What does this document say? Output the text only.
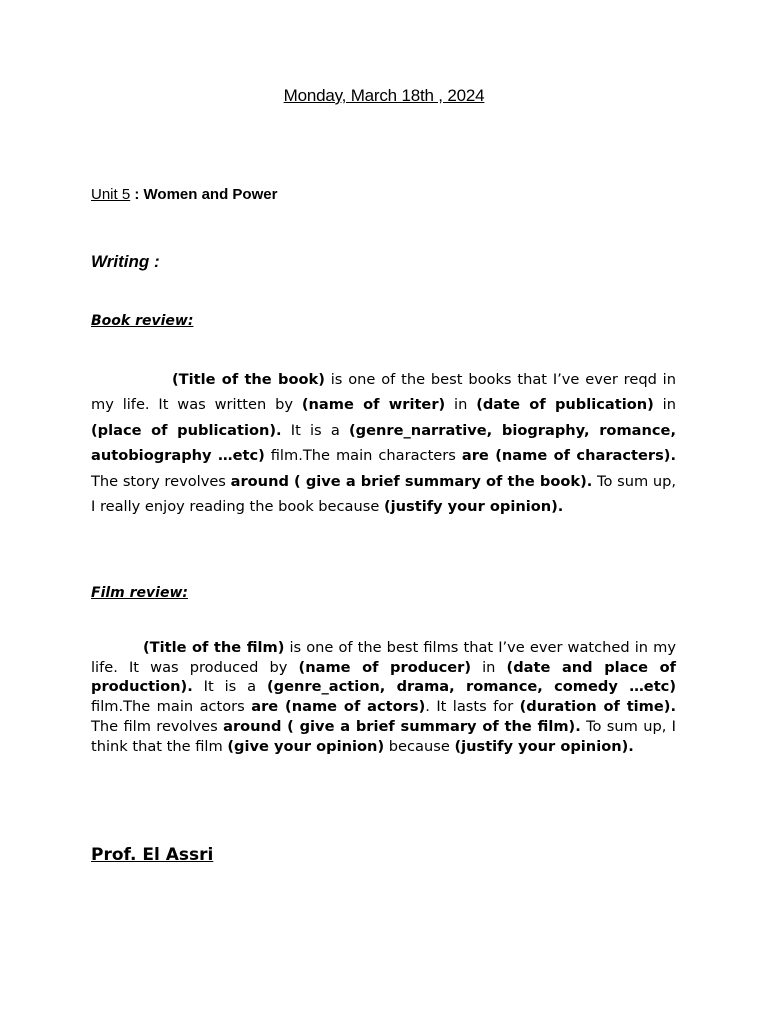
Monday, March 18th , 2024
Unit 5 : Women and Power
Writing :
Book review:
(Title of the book) is one of the best books that I’ve ever reqd in my life. It was written by (name of writer) in (date of publication) in (place of publication). It is a (genre_narrative, biography, romance, autobiography …etc) film.The main characters are (name of characters). The story revolves around ( give a brief summary of the book). To sum up, I really enjoy reading the book because (justify your opinion).
Film review:
(Title of the film) is one of the best films that I’ve ever watched in my life. It was produced by (name of producer) in (date and place of production). It is a (genre_action, drama, romance, comedy …etc) film.The main actors are (name of actors). It lasts for (duration of time). The film revolves around ( give a brief summary of the film). To sum up, I think that the film (give your opinion) because (justify your opinion).
Prof. El Assri
